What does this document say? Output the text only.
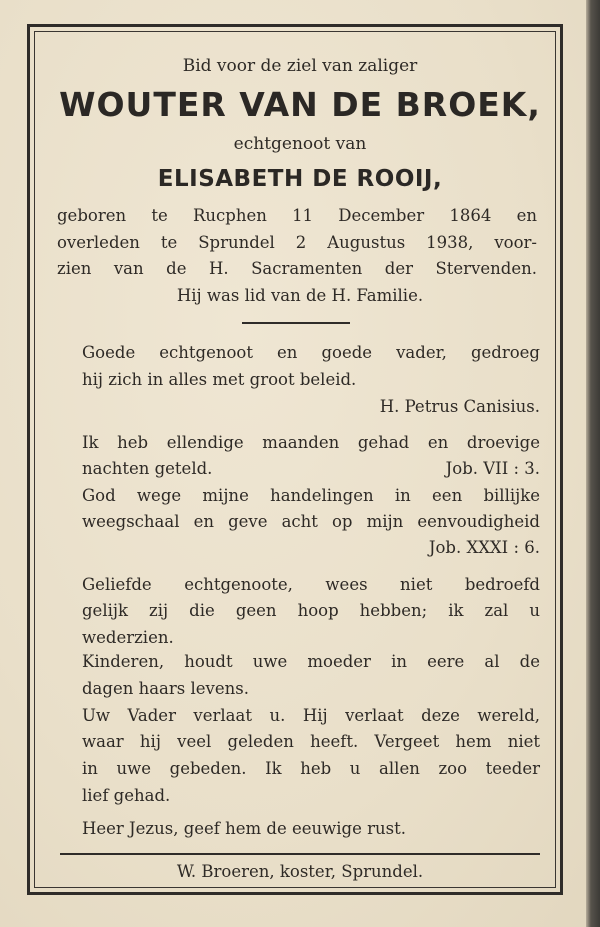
Bid voor de ziel van zaliger
WOUTER VAN DE BROEK,
echtgenoot van
ELISABETH DE ROOIJ,
geboren te Rucphen 11 December 1864 en
overleden te Sprundel 2 Augustus 1938, voor-
zien van de H. Sacramenten der Stervenden.
Hij was lid van de H. Familie.
Goede echtgenoot en goede vader, gedroeg
hij zich in alles met groot beleid.
H. Petrus Canisius.
Ik heb ellendige maanden gehad en droevige
nachten geteld.	Job. VII : 3.
God wege mijne handelingen in een billijke
weegschaal en geve acht op mijn eenvoudigheid
Job. XXXI : 6.
Geliefde echtgenoote, wees niet bedroefd
gelijk zij die geen hoop hebben; ik zal u
wederzien.
Kinderen, houdt uwe moeder in eere al de
dagen haars levens.
Uw Vader verlaat u. Hij verlaat deze wereld,
waar hij veel geleden heeft. Vergeet hem niet
in uwe gebeden. Ik heb u allen zoo teeder
lief gehad.
Heer Jezus, geef hem de eeuwige rust.
W. Broeren, koster, Sprundel.
